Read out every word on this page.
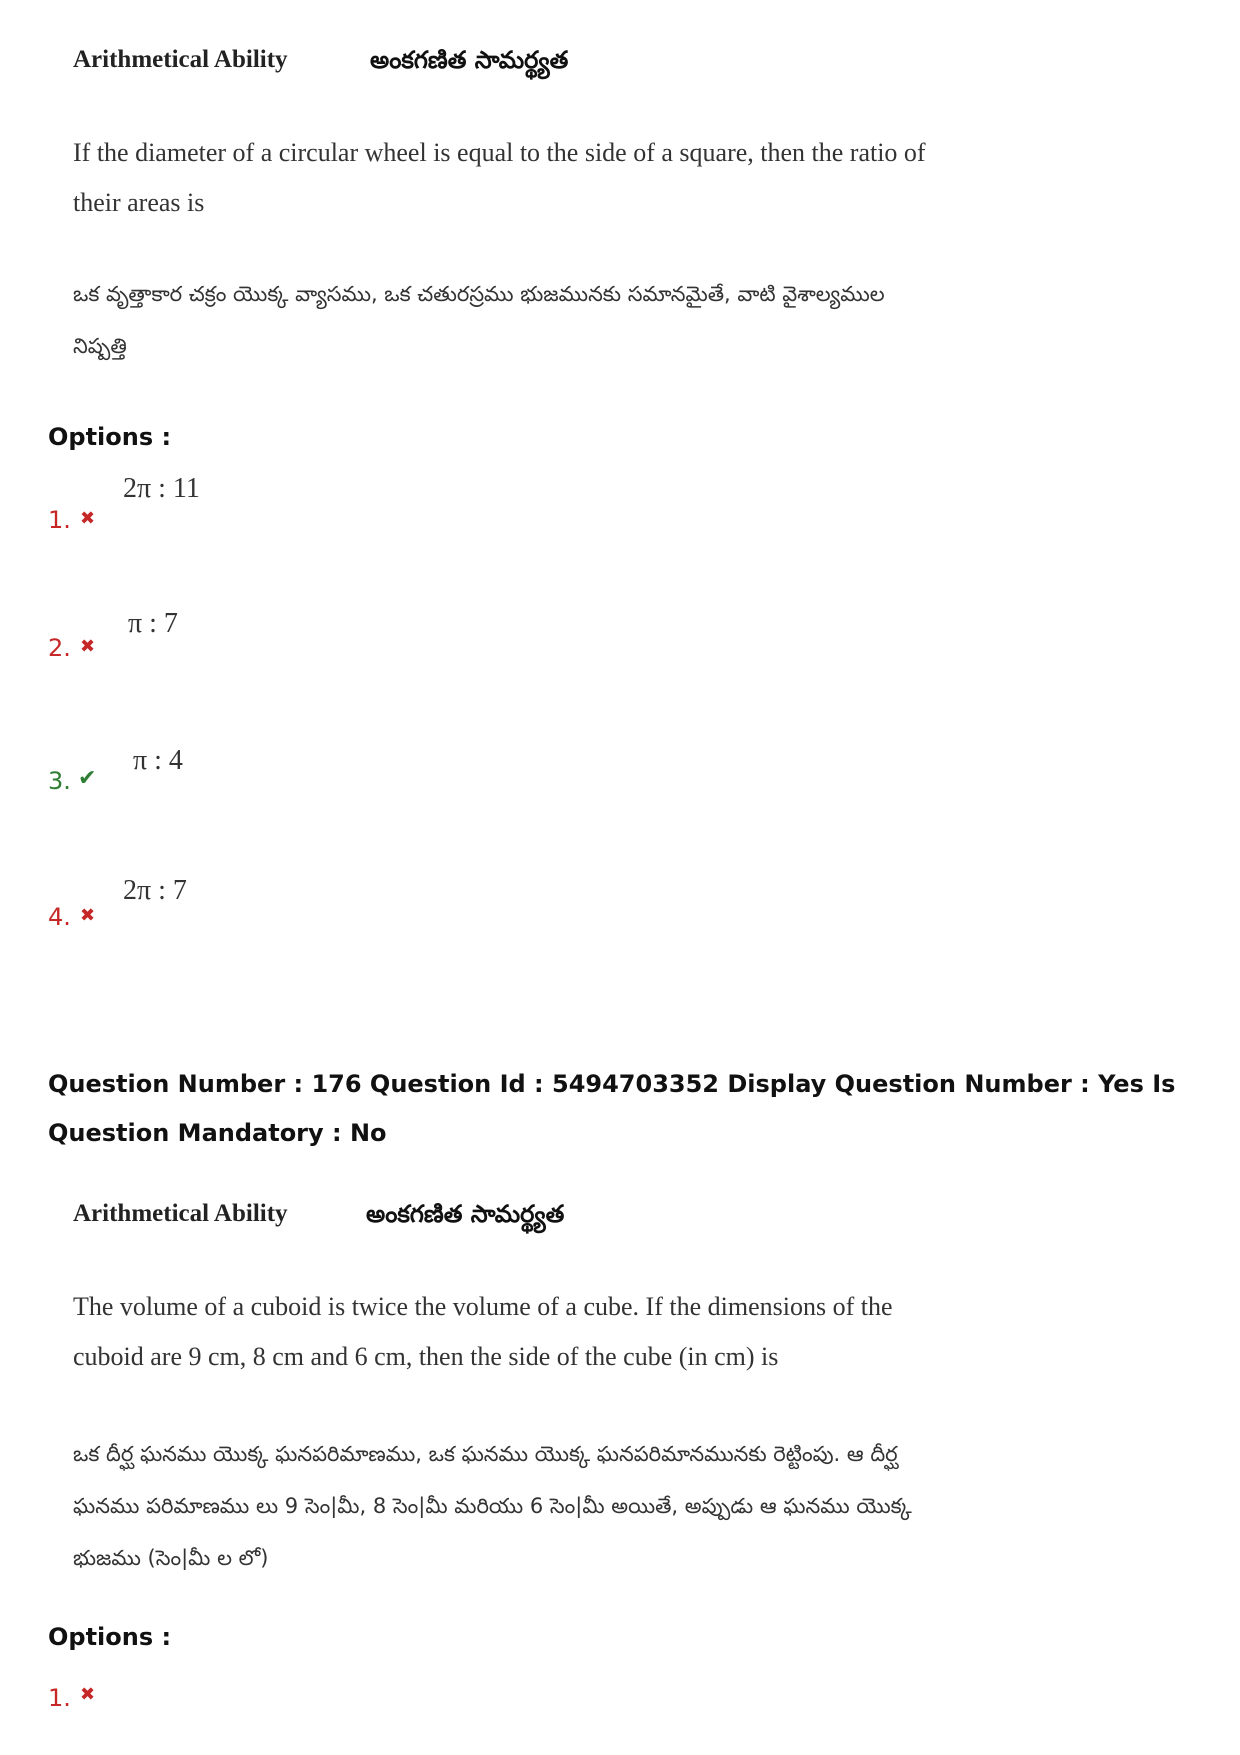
Arithmetical Ability	అంకగణిత సామర్థ్యత
If the diameter of a circular wheel is equal to the side of a square, then the ratio of their areas is
ఒక వృత్తాకార చక్రం యొక్క వ్యాసము, ఒక చతురస్రము భుజమునకు సమానమైతే, వాటి వైశాల్యముల నిష్పత్తి
Options :
1. ✖
2π : 11
2. ✖
π : 7
3. ✔
π : 4
4. ✖
2π : 7
Question Number : 176 Question Id : 5494703352 Display Question Number : Yes Is Question Mandatory : No
Arithmetical Ability	అంకగణిత సామర్థ్యత
The volume of a cuboid is twice the volume of a cube. If the dimensions of the cuboid are 9 cm, 8 cm and 6 cm, then the side of the cube (in cm) is
ఒక దీర్ఘ ఘనము యొక్క ఘనపరిమాణము, ఒక ఘనము యొక్క ఘనపరిమానమునకు రెట్టింపు. ఆ దీర్ఘ ఘనము పరిమాణము లు 9 సెం|మీ, 8 సెం|మీ మరియు 6 సెం|మీ అయితే, అప్పుడు ఆ ఘనము యొక్క భుజము (సెం|మీ ల లో)
Options :
1. ✖
